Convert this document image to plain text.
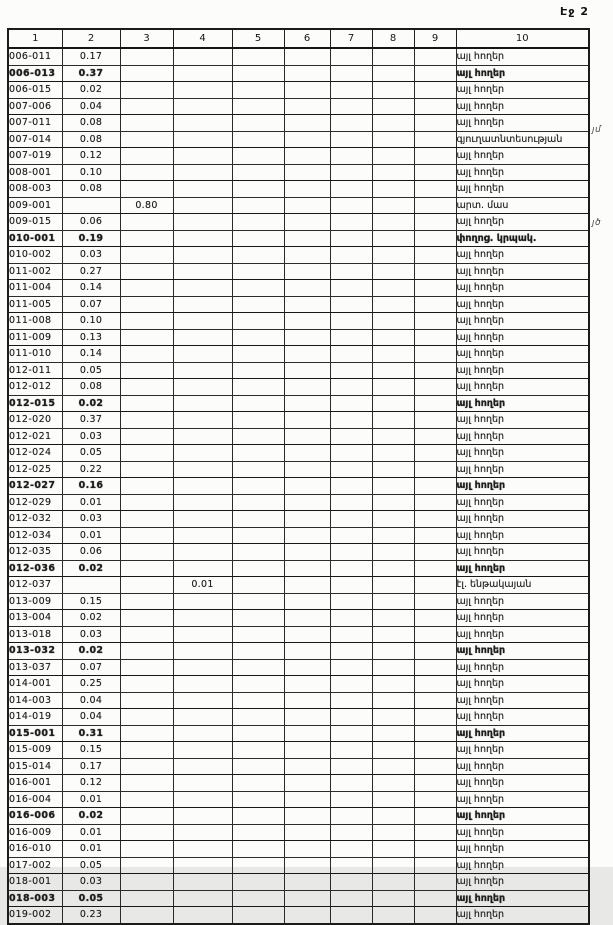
Էջ 2
1	2	3	4	5	6	7	8	9	10
006-011	0.17								այլ հողեր
006-013	0.37								այլ հողեր
006-015	0.02								այլ հողեր
007-006	0.04								այլ հողեր
007-011	0.08								այլ հողեր
007-014	0.08								գյուղատնտեսության
007-019	0.12								այլ հողեր
008-001	0.10								այլ հողեր
008-003	0.08								այլ հողեր
009-001		0.80							արտ. մաս
009-015	0.06								այլ հողեր
010-001	0.19								փողոց. կրպակ.
010-002	0.03								այլ հողեր
011-002	0.27								այլ հողեր
011-004	0.14								այլ հողեր
011-005	0.07								այլ հողեր
011-008	0.10								այլ հողեր
011-009	0.13								այլ հողեր
011-010	0.14								այլ հողեր
012-011	0.05								այլ հողեր
012-012	0.08								այլ հողեր
012-015	0.02								այլ հողեր
012-020	0.37								այլ հողեր
012-021	0.03								այլ հողեր
012-024	0.05								այլ հողեր
012-025	0.22								այլ հողեր
012-027	0.16								այլ հողեր
012-029	0.01								այլ հողեր
012-032	0.03								այլ հողեր
012-034	0.01								այլ հողեր
012-035	0.06								այլ հողեր
012-036	0.02								այլ հողեր
012-037			0.01						էլ. ենթակայան
013-009	0.15								այլ հողեր
013-004	0.02								այլ հողեր
013-018	0.03								այլ հողեր
013-032	0.02								այլ հողեր
013-037	0.07								այլ հողեր
014-001	0.25								այլ հողեր
014-003	0.04								այլ հողեր
014-019	0.04								այլ հողեր
015-001	0.31								այլ հողեր
015-009	0.15								այլ հողեր
015-014	0.17								այլ հողեր
016-001	0.12								այլ հողեր
016-004	0.01								այլ հողեր
016-006	0.02								այլ հողեր
016-009	0.01								այլ հողեր
016-010	0.01								այլ հողեր
017-002	0.05								այլ հողեր
018-001	0.03								այլ հողեր
018-003	0.05								այլ հողեր
019-002	0.23								այլ հողեր
յմ
յծ
